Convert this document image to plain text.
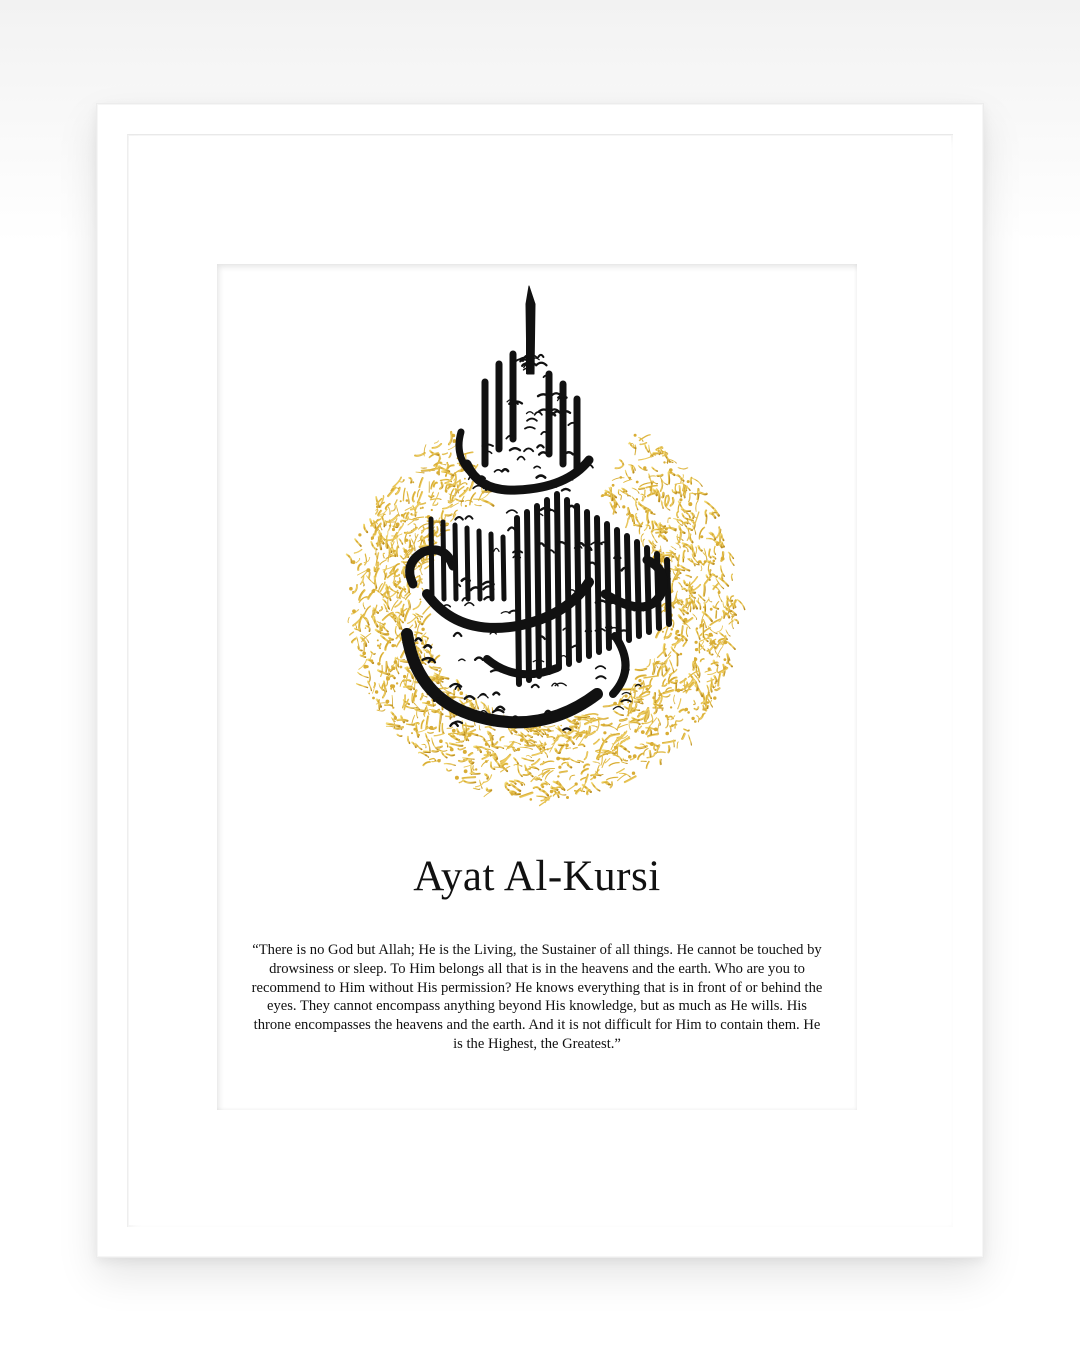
Ayat Al-Kursi

“There is no God but Allah; He is the Living, the Sustainer of all things. He cannot be touched by drowsiness or sleep. To Him belongs all that is in the heavens and the earth. Who are you to recommend to Him without His permission? He knows everything that is in front of or behind the eyes. They cannot encompass anything beyond His knowledge, but as much as He wills. His throne encompasses the heavens and the earth. And it is not difficult for Him to contain them. He is the Highest, the Greatest.”
